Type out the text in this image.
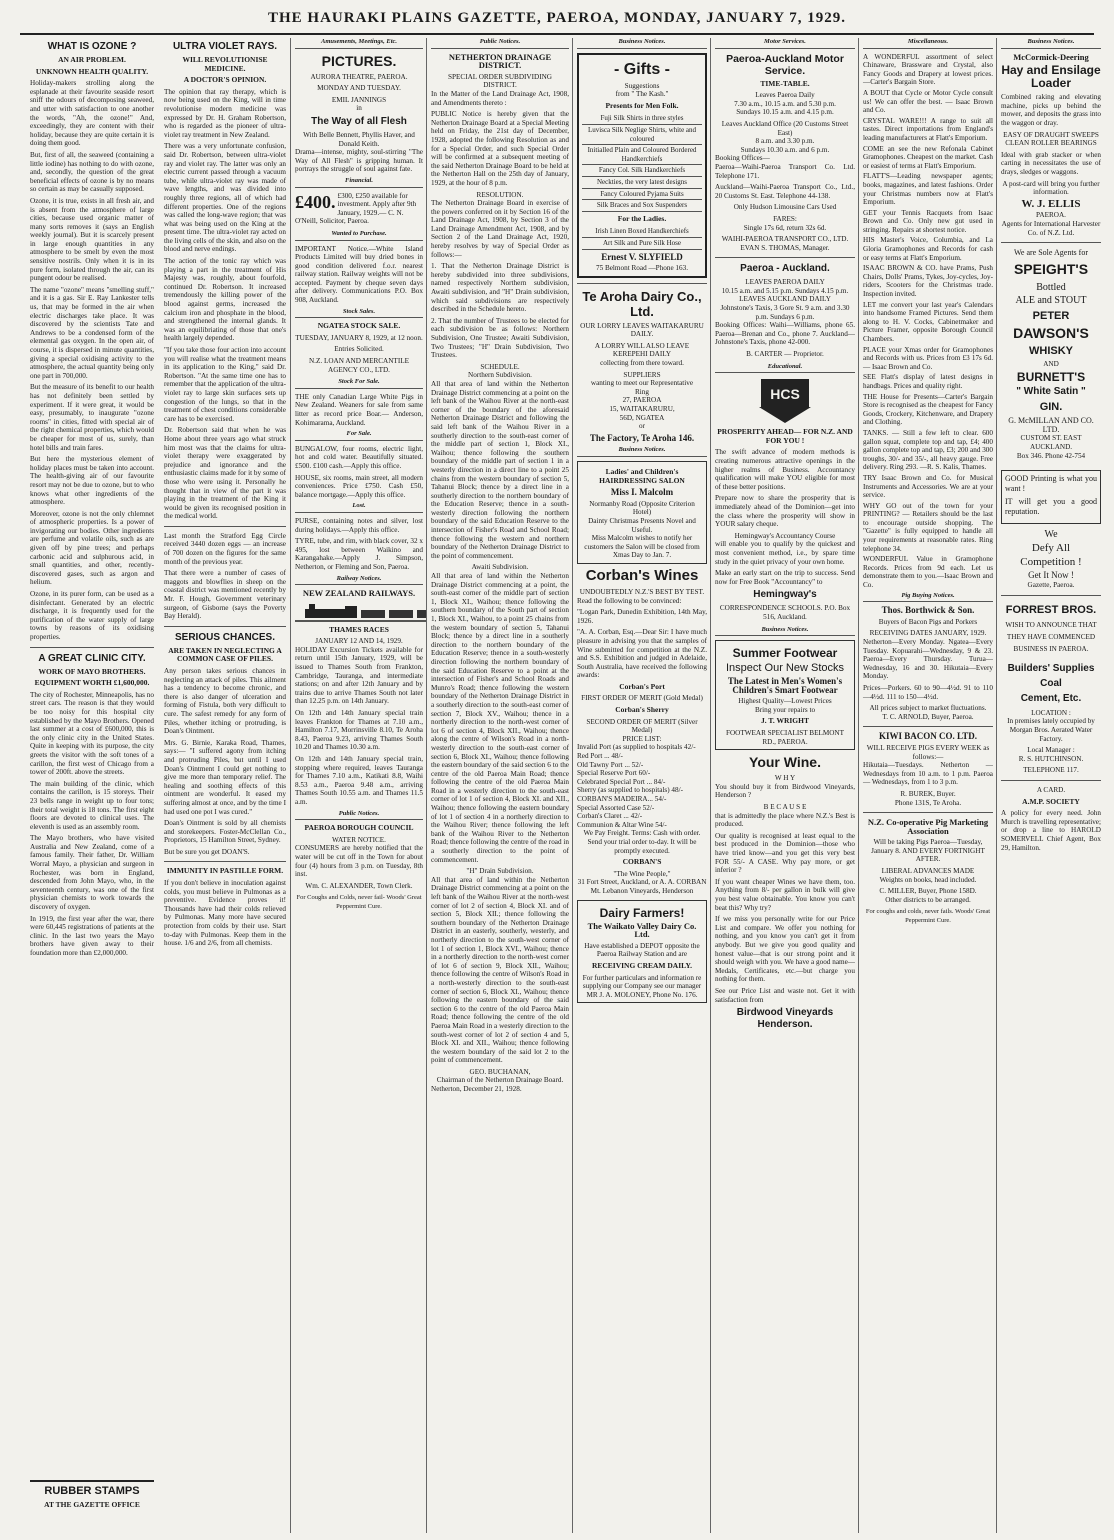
THE HAURAKI PLAINS GAZETTE, PAEROA, MONDAY, JANUARY 7, 1929.
WHAT IS OZONE ?
AN AIR PROBLEM.
UNKNOWN HEALTH QUALITY.

Holiday-makers strolling along the esplanade at their favourite seaside resort sniff the odours of decomposing seaweed, and utter with satisfaction to one another the words, "Ah, the ozone!" And, exceedingly, they are content with their holiday, because they are quite certain it is doing them good.

But, first of all, the seaweed (containing a little iodine) has nothing to do with ozone, and, secondly, the question of the great beneficial effects of ozone is by no means so certain as may be casually supposed.

Ozone, it is true, exists in all fresh air, and is absent from the atmosphere of large cities, because used organic matter of many sorts removes it (says an English weekly journal). But it is scarcely present in large enough quantities in any atmosphere to be smelt by even the most sensitive nostrils. Only when it is in its pure form, isolated through the air, can its pungent odour be realised.

The name "ozone" means "smelling stuff," and it is a gas. Sir E. Ray Lankester tells us, that may be formed in the air when electric discharges take place. It was discovered by the scientists Tate and Andrews to be a condensed form of the elemental gas oxygen. In the open air, of course, it is dispersed in minute quantities, giving a special oxidising activity to the atmosphere, the actual quantity being only one part in 700,000.

But the measure of its benefit to our health has not definitely been settled by experiment. If it were great, it would be easy, presumably, to inaugurate "ozone rooms" in cities, fitted with special air of the right chemical properties, which would be cheaper for most of us, surely, than hotel bills and train fares.

But here the mysterious element of holiday places must be taken into account. The health-giving air of our favourite resort may not be due to ozone, but to who knows what other ingredients of the atmosphere.

Moreover, ozone is not the only chlemnet of atmospheric properties. Is a power of invigorating our bodies. Other ingredients are perfume and volatile oils, such as are given off by pine trees; and perhaps carbonic acid and sulphurous acid, in small quantities, and other, recently-discovered gases, such as argon and helium.

Ozone, in its purer form, can be used as a disinfectant. Generated by an electric discharge, it is frequently used for the purification of the water supply of large towns by reasons of its oxidising properties.

A GREAT CLINIC CITY.
WORK OF MAYO BROTHERS.
EQUIPMENT WORTH £1,600,000.

The city of Rochester, Minneapolis, has no street cars. The reason is that they would be too noisy for this hospital city established by the Mayo Brothers. Opened last summer at a cost of £600,000, this is the only clinic city in the United States. Quite in keeping with its purpose, the city greets the visitor with the soft tones of a carillon, the first west of Chicago from a tower of 200ft. above the streets.

The main building of the clinic, which contains the carillon, is 15 storeys. Their 23 bells range in weight up to four tons; their total weight is 18 tons. The first eight floors are devoted to clinical uses. The eleventh is used as an assembly room.

The Mayo brothers, who have visited Australia and New Zealand, come of a famous family. Their father, Dr. William Worral Mayo, a physician and surgeon in Rochester, was born in England, descended from John Mayo, who, in the seventeenth century, was one of the first physician chemists to work towards the discovery of oxygen.

In 1919, the first year after the war, there were 60,445 registrations of patients at the clinic. In the last two years the Mayo brothers have given away to their foundation more than £2,000,000.

RUBBER STAMPS
AT THE GAZETTE OFFICE
ULTRA VIOLET RAYS.
WILL REVOLUTIONISE MEDICINE.
A DOCTOR'S OPINION.

The opinion that ray therapy, which is now being used on the King, will in time revolutionise modern medicine was expressed by Dr. H. Graham Robertson, who is regarded as the pioneer of ultra-violet ray treatment in New Zealand.

There was a very unfortunate confusion, said Dr. Robertson, between ultra-violet ray and violet ray. The latter was only an electric current passed through a vacuum tube, while ultra-violet ray was made of wave lengths, and was divided into roughly three regions, all of which had different properties. One of the regions was called the long-wave region; that was what was being used on the King at the present time. The ultra-violet ray acted on the living cells of the skin, and also on the blood and nerve endings.

The action of the tonic ray which was playing a part in the treatment of His Majesty was, roughly, about fourfold, continued Dr. Robertson. It increased tremendously the killing power of the blood against germs, increased the calcium iron and phosphate in the blood, and strengthened the internal glands. It was an equilibriating of those that one's health largely depended.

"If you take those four action into account you will realise what the treatment means in its application to the King," said Dr. Robertson. "At the same time one has to remember that the application of the ultra-violet ray to large skin surfaces sets up congestion of the lungs, so that in the treatment of chest conditions considerable care has to be exercised.

Dr. Robertson said that when he was Home about three years ago what struck him most was that the claims for ultra-violet therapy were exaggerated by prejudice and ignorance and the enthusiastic claims made for it by some of those who were using it. Personally he thought that in view of the part it was playing in the treatment of the King it would be given its recognised position in the medical world.

Last month the Stratford Egg Circle received 3440 dozen eggs — an increase of 700 dozen on the figures for the same month of the previous year.

That there were a number of cases of maggots and blowflies in sheep on the coastal district was mentioned recently by Mr. F. Hough, Government veterinary surgeon, of Gisborne (says the Poverty Bay Herald).

SERIOUS CHANCES.
ARE TAKEN IN NEGLECTING A COMMON CASE OF PILES.

Any person takes serious chances in neglecting an attack of piles. This ailment has a tendency to become chronic, and there is also danger of ulceration and forming of Fistula, both very difficult to cure. The safest remedy for any form of Piles, whether itching or protruding, is Doan's Ointment.

Mrs. G. Birnie, Karaka Road, Thames, says:— "I suffered agony from itching and protruding Piles, but until I used Doan's Ointment I could get nothing to give me more than temporary relief. The healing and soothing effects of this ointment are wonderful. It eased my suffering almost at once, and by the time I had used one pot I was cured."

Doan's Ointment is sold by all chemists and storekeepers. Foster-McClellan Co., Proprietors, 15 Hamilton Street, Sydney.

But be sure you get DOAN'S.

IMMUNITY IN PASTILLE FORM.

If you don't believe in inoculation against colds, you must believe in Pulmonas as a preventive. Evidence proves it! Thousands have had their colds relieved by Pulmonas. Many more have secured protection from colds by their use. Start to-day with Pulmonas. Keep them in the house. 1/6 and 2/6, from all chemists.

Amusements, Meetings, Etc.
PICTURES.
AURORA THEATRE, PAEROA.
MONDAY AND TUESDAY.
EMIL JANNINGS
in
The Way of all Flesh
With Belle Bennett, Phyllis Haver, and Donald Keith.

Drama—intense, mighty, soul-stirring "The Way of All Flesh" is gripping human. It portrays the struggle of soul against fate.

Financial.
£400. £300, £250 available for investment. Apply after 9th January, 1929.— C. N. O'Neill, Solicitor, Paeroa.
Wanted to Purchase.

IMPORTANT Notice.—White Island Products Limited will buy dried bones in good condition delivered f.o.r. nearest railway station. Railway weights will not be accepted. Payment by cheque seven days after delivery. Communications P.O. Box 908, Auckland.

Stock Sales.
NGATEA STOCK SALE.
TUESDAY, JANUARY 8, 1929, at 12 noon.
Entries Solicited.
N.Z. LOAN AND MERCANTILE AGENCY CO., LTD.
Stock For Sale.

THE only Canadian Large White Pigs in New Zealand. Weaners for sale from same litter as record price Boar.— Anderson, Kohimarama, Auckland.

For Sale.

BUNGALOW, four rooms, electric light, hot and cold water. Beautifully situated. £500. £100 cash.—Apply this office.

HOUSE, six rooms, main street, all modern conveniences. Price £750. Cash £50, balance mortgage.—Apply this office.

Lost.

PURSE, containing notes and silver, lost during holidays.—Apply this office.

TYRE, tube, and rim, with black cover, 32 x 495, lost between Waikino and Karangahake.—Apply J. Simpson, Netherton, or Fleming and Son, Paeroa.

Railway Notices.
NEW ZEALAND RAILWAYS.
THAMES RACES
JANUARY 12 AND 14, 1929.

HOLIDAY Excursion Tickets available for return until 15th January, 1929, will be issued to Thames South from Frankton, Cambridge, Tauranga, and intermediate stations; on and after 12th January and by trains due to arrive Thames South not later than 12.25 p.m. on 14th January.

On 12th and 14th January special train leaves Frankton for Thames at 7.10 a.m., Hamilton 7.17, Morrinsville 8.10, Te Aroha 8.43, Paeroa 9.23, arriving Thames South 10.20 and Thames 10.30 a.m.

On 12th and 14th January special train, stopping where required, leaves Tauranga for Thames 7.10 a.m., Katikati 8.8, Waihi 8.53 a.m., Paeroa 9.48 a.m., arriving Thames South 10.55 a.m. and Thames 11.5 a.m.

Public Notices.
PAEROA BOROUGH COUNCIL
WATER NOTICE.

CONSUMERS are hereby notified that the water will be cut off in the Town for about four (4) hours from 3 p.m. on Tuesday, 8th inst.

Wm. C. ALEXANDER, Town Clerk.
For Coughs and Colds, never fail- Woods' Great Peppermint Cure.
Public Notices.
NETHERTON DRAINAGE DISTRICT.
SPECIAL ORDER SUBDIVIDING DISTRICT.

In the Matter of the Land Drainage Act, 1908, and Amendments thereto :

PUBLIC Notice is hereby given that the Netherton Drainage Board at a Special Meeting held on Friday, the 21st day of December, 1928, adopted the following Resolution as and for a Special Order, and such Special Order will be confirmed at a subsequent meeting of the said Netherton Drainage Board to be held at the Netherton Hall on the 25th day of January, 1929, at the hour of 8 p.m.

RESOLUTION.

The Netherton Drainage Board in exercise of the powers conferred on it by Section 16 of the Land Drainage Act, 1908, by Section 3 of the Land Drainage Amendment Act, 1908, and by Section 2 of the Land Drainage Act, 1920, hereby resolves by way of Special Order as follows:—

1. That the Netherton Drainage District is hereby subdivided into three subdivisions, named respectively Northern subdivision, Awaiti subdivision, and "H" Drain subdivision, which said subdivisions are respectively described in the Schedule hereto.

2. That the number of Trustees to be elected for each subdivision be as follows: Northern Subdivision, One Trustee; Awaiti Subdivision, Two Trustees; "H" Drain Subdivision, Two Trustees.

SCHEDULE.
Northern Subdivision.

All that area of land within the Netherton Drainage District commencing at a point on the left bank of the Waihou River at the north-east corner of the boundary of the aforesaid Netherton Drainage District and following the said left bank of the Waihou River in a southerly direction to the south-east corner of the middle part of section 1, Block XI., Waihou; thence following the southern boundary of the middle part of section 1 in a westerly direction in a direct line to a point 25 chains from the western boundary of section 5, Tahanui Block; thence by a direct line in a southerly direction to the northern boundary of the Education Reserve; thence in a south-westerly direction following the northern boundary of the said Education Reserve to the intersection of Fisher's Road and School Road; thence following the western and northern boundary of the Netherton Drainage District to the point of commencement.

Awaiti Subdivision.

All that area of land within the Netherton Drainage District commencing at a point, the south-east corner of the middle part of section 1, Block XI., Waihou; thence following the southern boundary of the South part of section 1, Block XI., Waihou, to a point 25 chains from the western boundary of section 5, Tahanui Block; thence by a direct line in a southerly direction to the northern boundary of the Education Reserve; thence in a south-westerly direction following the northern boundary of the said Education Reserve to a point at the intersection of Fisher's and School Roads and Munro's Road; thence following the western boundary of the Netherton Drainage District in a southerly direction to the south-east corner of section 7, Block XV., Waihou; thence in a northerly direction to the north-west corner of lot 6 of section 4, Block XII., Waihou; thence along the centre of Wilson's Road in a north-westerly direction to the south-east corner of section 6, Block XI., Waihou; thence following the eastern boundary of the said section 6 to the centre of the old Paeroa Main Road; thence following the centre of the old Paeroa Main Road in a westerly direction to the south-east corner of lot 1 of section 4, Block XI. and XII., Waihou; thence following the eastern boundary of lot 1 of section 4 in a northerly direction to the Waihou River; thence following the left bank of the Waihou River to the Netherton Road; thence following the centre of the road in a southerly direction to the point of commencement.

"H" Drain Subdivision.

All that area of land within the Netherton Drainage District commencing at a point on the left bank of the Waihou River at the north-west corner of lot 2 of section 4, Block XI. and of section 5, Block XII.; thence following the southern boundary of the Netherton Drainage District in an easterly, southerly, westerly, and northerly direction to the south-west corner of lot 1 of section 1, Block XVI., Waihou; thence in a northerly direction to the north-west corner of lot 6 of section 9, Block XII., Waihou; thence following the centre of Wilson's Road in a north-westerly direction to the south-east corner of section 6, Block XI., Waihou; thence following the eastern boundary of the said section 6 to the centre of the old Paeroa Main Road; thence following the centre of the old Paeroa Main Road in a westerly direction to the south-west corner of lot 2 of section 4 and 5, Block XI. and XII., Waihou; thence following the western boundary of the said lot 2 to the point of commencement.

GEO. BUCHANAN,
Chairman of the Netherton Drainage Board.
Netherton, December 21, 1928.
Business Notices.
- Gifts -
Suggestions
from " The Kash."
Presents for Men Folk.
Fuji Silk Shirts in three styles
Luvisca Silk Neglige Shirts, white and coloured
Initialled Plain and Coloured Bordered Handkerchiefs
Fancy Col. Silk Handkerchiefs
Neckties, the very latest designs
Fancy Coloured Pyjama Suits
Silk Braces and Sox Suspenders
For the Ladies.
Irish Linen Boxed Handkerchiefs
Art Silk and Pure Silk Hose
Ernest V. SLYFIELD
75 Belmont Road —Phone 163.
Te Aroha Dairy Co., Ltd.
OUR LORRY LEAVES WAITAKARURU DAILY.
A LORRY WILL ALSO LEAVE KEREPEHI DAILY
collecting from there toward.
SUPPLIERS
wanting to meet our Representative
Ring
27, PAEROA
15, WAITAKARURU,
56D, NGATEA
or
The Factory, Te Aroha 146.
Business Notices.
Ladies' and Children's HAIRDRESSING SALON
Miss I. Malcolm
Normanby Road (Opposite Criterion Hotel)
Dainty Christmas Presents Novel and Useful.
Miss Malcolm wishes to notify her customers the Salon will be closed from Xmas Day to Jan. 7.
Corban's Wines
UNDOUBTEDLY N.Z.'S BEST BY TEST.

Read the following to be convinced:

"Logan Park, Dunedin Exhibition, 14th May, 1926.

"A. A. Corban, Esq.—Dear Sir: I have much pleasure in advising you that the samples of Wine submitted for competition at the N.Z. and S.S. Exhibition and judged in Adelaide, South Australia, have received the following awards:

Corban's Port
FIRST ORDER OF MERIT (Gold Medal)
Corban's Sherry
SECOND ORDER OF MERIT (Silver Medal)
PRICE LIST:
Invalid Port (as supplied to hospitals 42/-
Red Port ... 48/-
Old Tawny Port ... 52/-
Special Reserve Port 60/-
Celebrated Special Port ... 84/-
Sherry (as supplied to hospitals) 48/-
CORBAN'S MADEIRA... 54/-
Special Assorted Case 52/-
Corban's Claret ... 42/-
Communion & Altar Wine 54/-
We Pay Freight. Terms: Cash with order.
Send your trial order to-day. It will be promptly executed.
CORBAN'S
"The Wine People,"
31 Fort Street, Auckland, or A. A. CORBAN Mt. Lebanon Vineyards, Henderson
Dairy Farmers!
The Waikato Valley Dairy Co. Ltd.
Have established a DEPOT opposite the Paeroa Railway Station and are
RECEIVING CREAM DAILY.
For further particulars and information re supplying our Company see our manager
MR J. A. MOLONEY, Phone No. 176.
Motor Services.
Paeroa-Auckland Motor Service.
TIME-TABLE.
Leaves Paeroa Daily
7.30 a.m., 10.15 a.m. and 5.30 p.m.
Sundays 10.15 a.m. and 4.15 p.m.
Leaves Auckland Office (20 Customs Street East)
8 a.m. and 3.30 p.m.
Sundays 10.30 a.m. and 6 p.m.
Booking Offices—

Paeroa—Waihi-Paeroa Transport Co. Ltd. Telephone 171.

Auckland—Waihi-Paeroa Transport Co., Ltd., 20 Customs St. East. Telephone 44-138.

Only Hudson Limousine Cars Used
FARES:
Single 17s 6d, return 32s 6d.
WAIHI-PAEROA TRANSPORT CO., LTD.
EVAN S. THOMAS, Manager.
Paeroa - Auckland.
LEAVES PAEROA DAILY
10.15 a.m. and 5.15 p.m. Sundays 4.15 p.m.
LEAVES AUCKLAND DAILY
Johnstone's Taxis, 3 Gore St. 9 a.m. and 3.30 p.m. Sundays 6 p.m.

Booking Offices: Waihi—Williams, phone 65. Paeroa—Brenan and Co., phone 7. Auckland—Johnstone's Taxis, phone 42-000.

B. CARTER — Proprietor.
Educational.
HCS
PROSPERITY AHEAD— FOR N.Z. AND FOR YOU !

The swift advance of modern methods is creating numerous attractive openings in the higher realms of Business. Accountancy qualification will make YOU eligible for most of these better positions.

Prepare now to share the prosperity that is immediately ahead of the Dominion—get into the class where the prosperity will show in YOUR salary cheque.

Hemingway's Accountancy Course

will enable you to qualify by the quickest and most convenient method, i.e., by spare time study in the quiet privacy of your own home.

Make an early start on the trip to success. Send now for Free Book "Accountancy" to

Hemingway's
CORRESPONDENCE SCHOOLS. P.O. Box 516, Auckland.
Business Notices.
Summer Footwear
Inspect Our New Stocks
The Latest in Men's Women's Children's Smart Footwear
Highest Quality—Lowest Prices
Bring your repairs to
J. T. WRIGHT
FOOTWEAR SPECIALIST BELMONT RD., PAEROA.
Your Wine.
W H Y

You should buy it from Birdwood Vineyards, Henderson ?

B E C A U S E

that is admittedly the place where N.Z.'s Best is produced.

Our quality is recognised at least equal to the best produced in the Dominion—those who have tried know—and you get this very best FOR 55/- A CASE. Why pay more, or get inferior ?

If you want cheaper Wines we have them, too. Anything from 8/- per gallon in bulk will give you best value obtainable. You know you can't beat this? Why try?

If we miss you personally write for our Price List and compare. We offer you nothing for nothing, and you know you can't get it from anybody. But we give you good quality and honest value—that is our strong point and it should weigh with you. We have a good name—Medals, Certificates, etc.—but charge you nothing for them.

See our Price List and waste not. Get it with satisfaction from

Birdwood Vineyards Henderson.
Miscellaneous.

A WONDERFUL assortment of select Chinaware, Brassware and Crystal, also Fancy Goods and Drapery at lowest prices.—Carter's Bargain Store.

A BOUT that Cycle or Motor Cycle consult us! We can offer the best. — Isaac Brown and Co.

CRYSTAL WARE!!! A range to suit all tastes. Direct importations from England's leading manufacturers at Flatt's Emporium.

COME an see the new Refonala Cabinet Gramophones. Cheapest on the market. Cash or easiest of terms at Flatt's Emporium.

FLATT'S—Leading newspaper agents; books, magazines, and latest fashions. Order your Christmas numbers now at Flatt's Emporium.

GET your Tennis Racquets from Isaac Brown and Co. Only new gut used in stringing. Repairs at shortest notice.

HIS Master's Voice, Columbia, and La Gloria Gramophones and Records for cash or easy terms at Flatt's Emporium.

ISAAC BROWN & CO. have Prams, Push Chairs, Dolls' Prams, Tykes, Joy-cycles, Joy-riders, Scooters for the Christmas trade. Inspection invited.

LET me convert your last year's Calendars into handsome Framed Pictures. Send them along to H. V. Cocks, Cabinetmaker and Picture Framer, opposite Borough Council Chambers.

PLACE your Xmas order for Gramophones and Records with us. Prices from £3 17s 6d.— Isaac Brown and Co.

SEE Flatt's display of latest designs in handbags. Prices and quality right.

THE House for Presents—Carter's Bargain Store is recognised as the cheapest for Fancy Goods, Crockery, Kitchenware, and Drapery and Clothing.

TANKS. — Still a few left to clear. 600 gallon squat, complete top and tap, £4; 400 gallon complete top and tap, £3; 200 and 300 troughs, 30/- and 35/-, all heavy gauge. Free delivery. Ring 293. —R. S. Kalis, Thames.

TRY Isaac Brown and Co. for Musical Instruments and Accessories. We are at your service.

WHY GO out of the town for your PRINTING? — Retailers should be the last to encourage outside shopping. The "Gazette" is fully equipped to handle all your requirements at reasonable rates. Ring telephone 34.

WONDERFUL Value in Gramophone Records. Prices from 9d each. Let us demonstrate them to you.—Isaac Brown and Co.

Pig Buying Notices.
Thos. Borthwick & Son.
Buyers of Bacon Pigs and Porkers
RECEIVING DATES JANUARY, 1929.

Netherton—Every Monday. Ngatea—Every Tuesday. Kopuarahi—Wednesday, 9 & 23. Paeroa—Every Thursday. Turua—Wednesday, 16 and 30. Hikutaia—Every Monday.

Prices—Porkers. 60 to 90—4½d. 91 to 110—4½d. 111 to 150—4½d.

All prices subject to market fluctuations.
T. C. ARNOLD, Buyer, Paeroa.
KIWI BACON CO. LTD.
WILL RECEIVE PIGS EVERY WEEK as follows:—

Hikutaia—Tuesdays. Netherton — Wednesdays from 10 a.m. to 1 p.m. Paeroa — Wednesdays, from 1 to 3 p.m.

R. BUREK, Buyer.
Phone 131S, Te Aroha.
N.Z. Co-operative Pig Marketing Association
Will be taking Pigs Paeroa—Tuesday, January 8. AND EVERY FORTNIGHT AFTER.
LIBERAL ADVANCES MADE
Weights on books, head included.
C. MILLER, Buyer, Phone 158D.
Other districts to be arranged.
For coughs and colds, never fails. Woods' Great Peppermint Cure.
Business Notices.
McCormick-Deering
Hay and Ensilage Loader

Combined raking and elevating machine, picks up behind the mower, and deposits the grass into the waggon or dray.

EASY OF DRAUGHT SWEEPS CLEAN ROLLER BEARINGS

Ideal with grab stacker or when carting in necessitates the use of drays, sledges or waggons.

A post-card will bring you further information.
W. J. ELLIS
PAEROA.
Agents for International Harvester Co. of N.Z. Ltd.
We are Sole Agents for
SPEIGHT'S
Bottled
ALE and STOUT
PETER
DAWSON'S
WHISKY
AND
BURNETT'S
" White Satin "
GIN.
G. McMILLAN AND CO. LTD.
CUSTOM ST. EAST AUCKLAND.
Box 346. Phone 42-754

GOOD Printing is what you want !

IT will get you a good reputation.

We
Defy All
Competition !
Get It Now !
Gazette, Paeroa.
FORREST BROS.
WISH TO ANNOUNCE THAT THEY HAVE COMMENCED BUSINESS IN PAEROA.
Builders' Supplies
Coal
Cement, Etc.
LOCATION :
In premises lately occupied by Morgan Bros. Aerated Water Factory.
Local Manager :
R. S. HUTCHINSON.
TELEPHONE 117.
A CARD.
A.M.P. SOCIETY

A policy for every need. John Murch is travelling representative; or drop a line to HAROLD SOMERVELL Chief Agent, Box 29, Hamilton.
